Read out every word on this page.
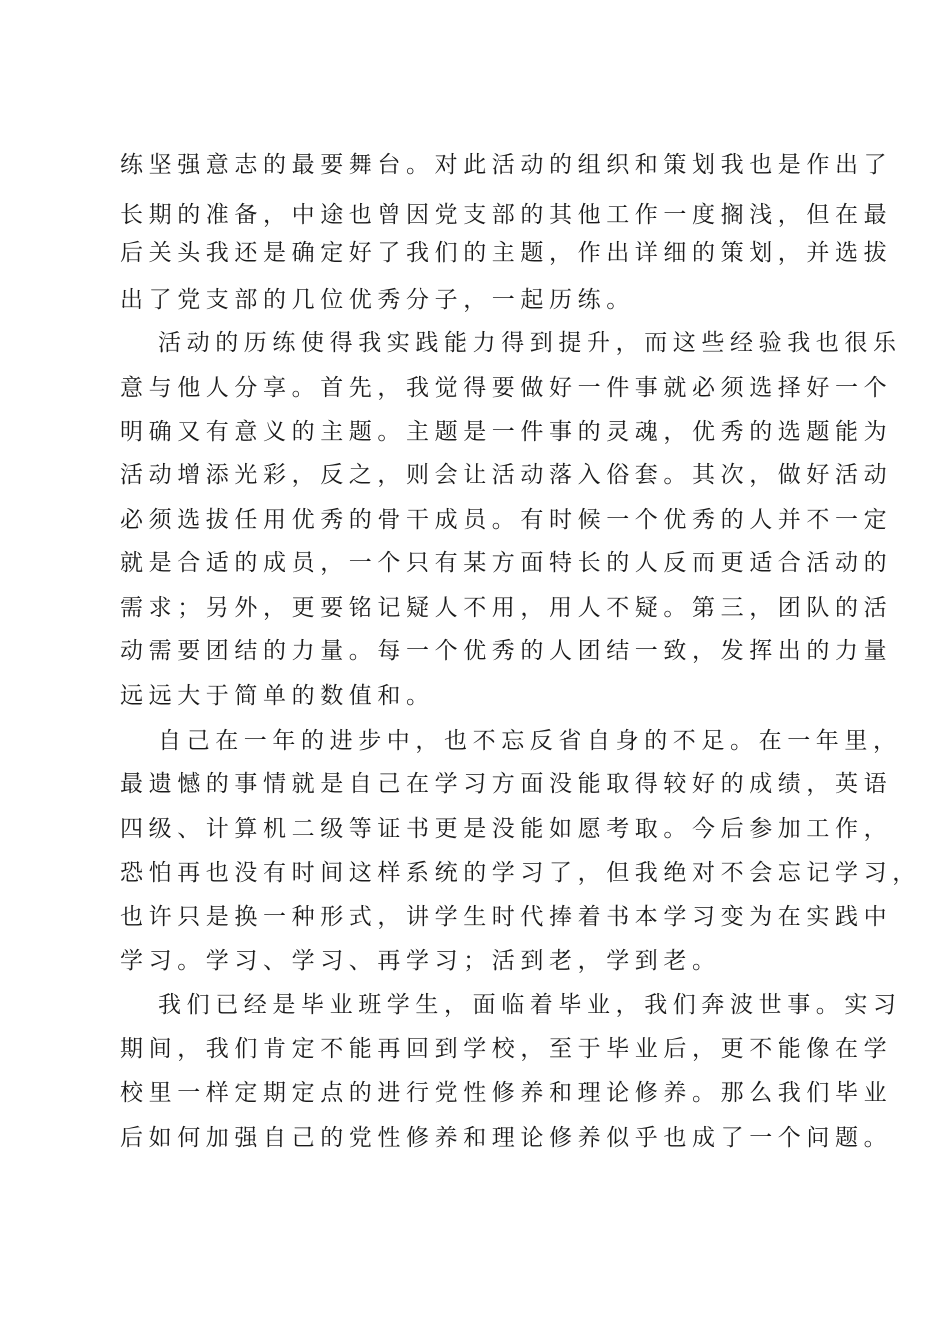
练坚强意志的最要舞台。对此活动的组织和策划我也是作出了
长期的准备，中途也曾因党支部的其他工作一度搁浅，但在最
后关头我还是确定好了我们的主题，作出详细的策划，并选拔
出了党支部的几位优秀分子，一起历练。
活动的历练使得我实践能力得到提升，而这些经验我也很乐
意与他人分享。首先，我觉得要做好一件事就必须选择好一个
明确又有意义的主题。主题是一件事的灵魂，优秀的选题能为
活动增添光彩，反之，则会让活动落入俗套。其次，做好活动
必须选拔任用优秀的骨干成员。有时候一个优秀的人并不一定
就是合适的成员，一个只有某方面特长的人反而更适合活动的
需求；另外，更要铭记疑人不用，用人不疑。第三，团队的活
动需要团结的力量。每一个优秀的人团结一致，发挥出的力量
远远大于简单的数值和。
自己在一年的进步中，也不忘反省自身的不足。在一年里，
最遗憾的事情就是自己在学习方面没能取得较好的成绩，英语
四级、计算机二级等证书更是没能如愿考取。今后参加工作，
恐怕再也没有时间这样系统的学习了，但我绝对不会忘记学习，
也许只是换一种形式，讲学生时代捧着书本学习变为在实践中
学习。学习、学习、再学习；活到老，学到老。
我们已经是毕业班学生，面临着毕业，我们奔波世事。实习
期间，我们肯定不能再回到学校，至于毕业后，更不能像在学
校里一样定期定点的进行党性修养和理论修养。那么我们毕业
后如何加强自己的党性修养和理论修养似乎也成了一个问题。
